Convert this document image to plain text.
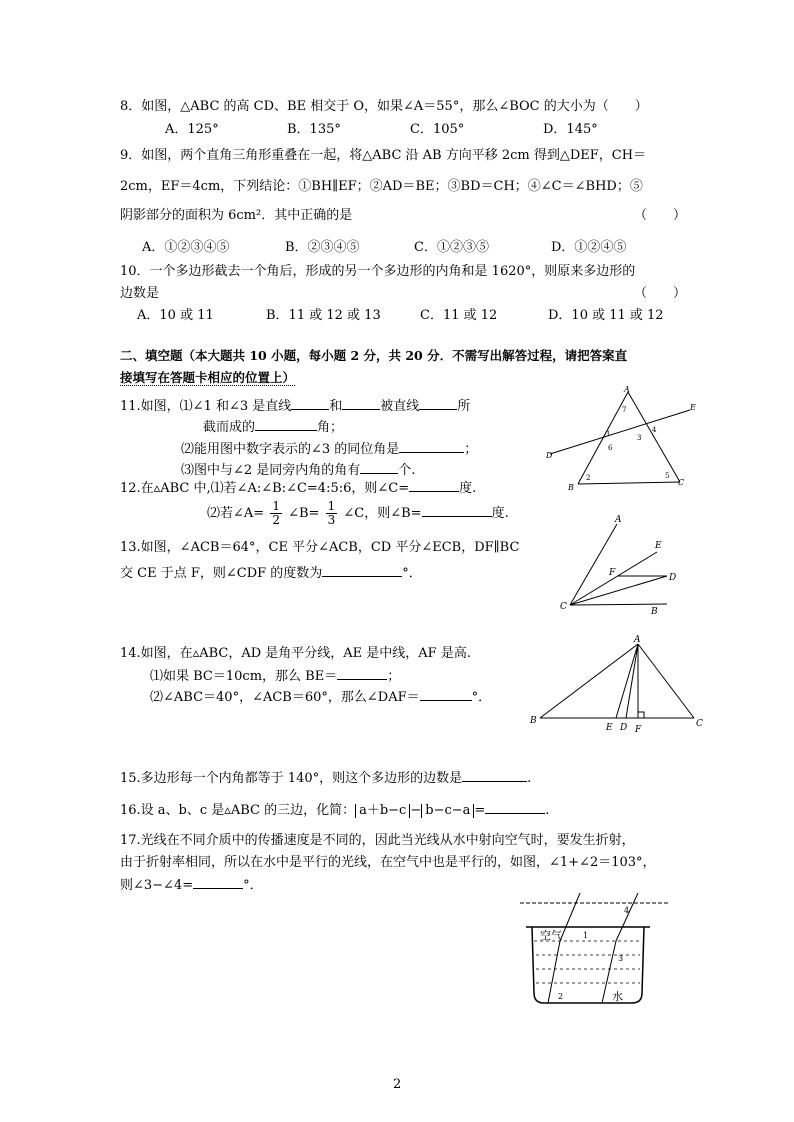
8．如图，△ABC 的高 CD、BE 相交于 O，如果∠A＝55°，那么∠BOC 的大小为（　　）
A．125°	B．135°	C．105°	D．145°
9．如图，两个直角三角形重叠在一起，将△ABC 沿 AB 方向平移 2cm 得到△DEF，CH＝
2cm，EF＝4cm，下列结论：①BH∥EF；②AD＝BE；③BD＝CH；④∠C＝∠BHD；⑤
阴影部分的面积为 6cm²．其中正确的是	（　　）
A．①②③④⑤	B．②③④⑤	C．①②③⑤	D．①②④⑤
10．一个多边形截去一个角后，形成的另一个多边形的内角和是 1620°，则原来多边形的
边数是	（　　）
A．10 或 11	B．11 或 12 或 13	C．11 或 12	D．10 或 11 或 12
二、填空题（本大题共 10 小题，每小题 2 分，共 20 分．不需写出解答过程，请把答案直
接填写在答题卡相应的位置上）
11.如图，⑴∠1 和∠3 是直线	和	被直线	所
截而成的	角；
⑵能用图中数字表示的∠3 的同位角是	；
⑶图中与∠2 是同旁内角的角有	个.
A
E
D
B
C
1
2
3
4
5
6
7
12.在▵ABC 中,⑴若∠A:∠B:∠C=4:5:6，则∠C=	度.
⑵若∠A= $\frac{1}{2}$ ∠B= $\frac{1}{3}$ ∠C，则∠B=	度.
13.如图，∠ACB＝64°，CE 平分∠ACB，CD 平分∠ECB，DF∥BC
交 CE 于点 F，则∠CDF 的度数为	°．
A
E
F	D
C	B
14.如图，在▵ABC，AD 是角平分线，AE 是中线，AF 是高.
⑴如果 BC＝10cm，那么 BE＝	；
⑵∠ABC＝40°，∠ACB＝60°，那么∠DAF＝	°．
A
B	C
E D F
15.多边形每一个内角都等于 140°，则这个多边形的边数是	.
16.设 a、b、c 是▵ABC 的三边，化简： a＋b−c − b−c−a =	.
17.光线在不同介质中的传播速度是不同的，因此当光线从水中射向空气时，要发生折射，
由于折射率相同，所以在水中是平行的光线，在空气中也是平行的，如图，∠1+∠2＝103°，
则∠3−∠4=	°．
空气
水
1
2
3
4
2
